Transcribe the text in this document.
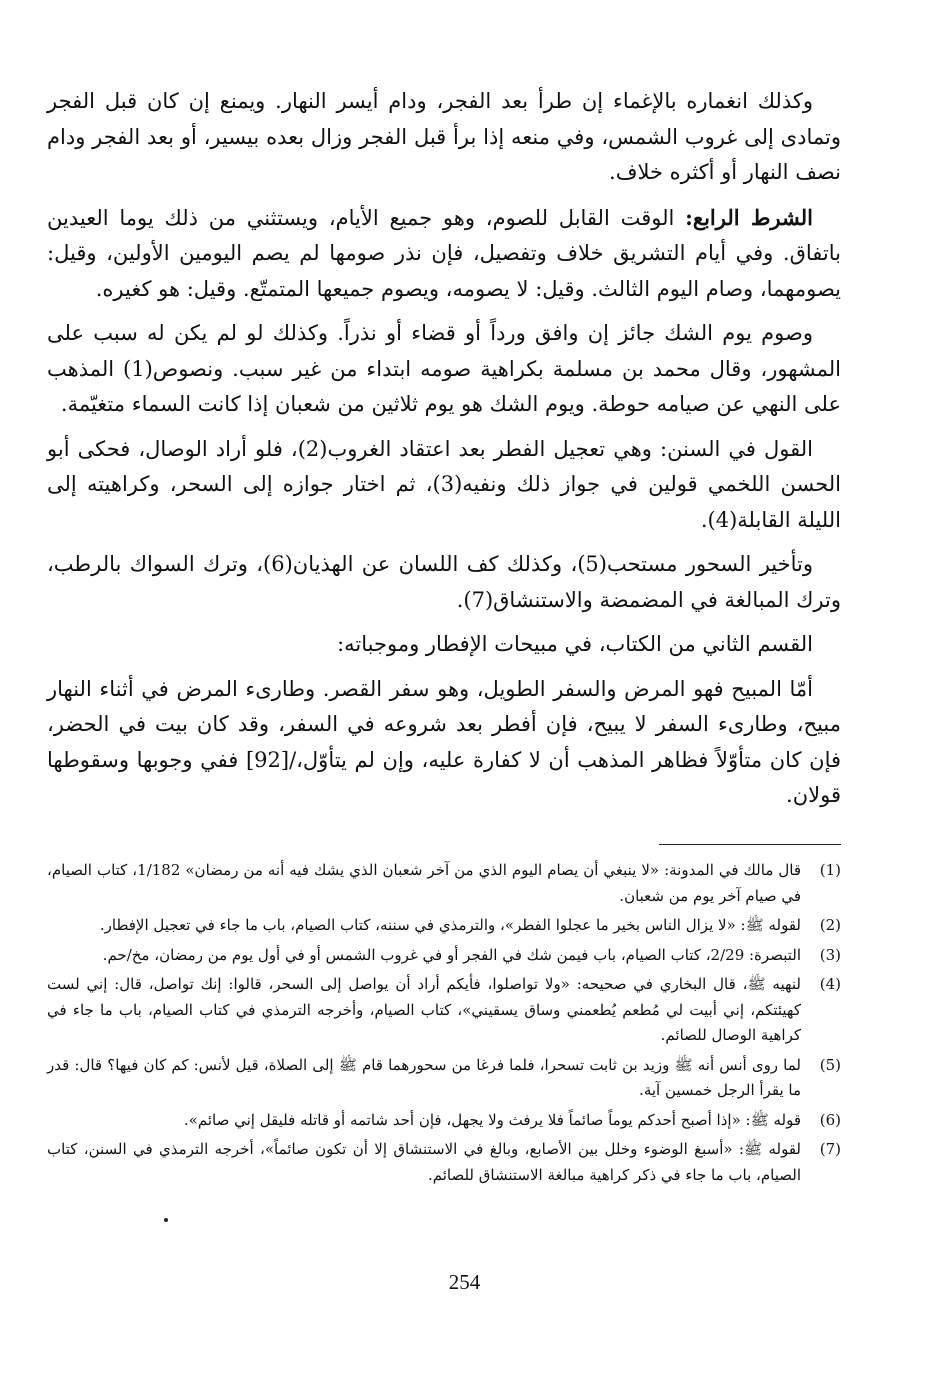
وكذلك انغماره بالإغماء إن طرأ بعد الفجر، ودام أيسر النهار. ويمنع إن كان قبل الفجر وتمادى إلى غروب الشمس، وفي منعه إذا برأ قبل الفجر وزال بعده بيسير، أو بعد الفجر ودام نصف النهار أو أكثره خلاف.

الشرط الرابع: الوقت القابل للصوم، وهو جميع الأيام، ويستثني من ذلك يوما العيدين باتفاق. وفي أيام التشريق خلاف وتفصيل، فإن نذر صومها لم يصم اليومين الأولين، وقيل: يصومهما، وصام اليوم الثالث. وقيل: لا يصومه، ويصوم جميعها المتمتّع. وقيل: هو كغيره.

وصوم يوم الشك جائز إن وافق ورداً أو قضاء أو نذراً. وكذلك لو لم يكن له سبب على المشهور، وقال محمد بن مسلمة بكراهية صومه ابتداء من غير سبب. ونصوص(1) المذهب على النهي عن صيامه حوطة. ويوم الشك هو يوم ثلاثين من شعبان إذا كانت السماء متغيّمة.

القول في السنن: وهي تعجيل الفطر بعد اعتقاد الغروب(2)، فلو أراد الوصال، فحكى أبو الحسن اللخمي قولين في جواز ذلك ونفيه(3)، ثم اختار جوازه إلى السحر، وكراهيته إلى الليلة القابلة(4).

وتأخير السحور مستحب(5)، وكذلك كف اللسان عن الهذيان(6)، وترك السواك بالرطب، وترك المبالغة في المضمضة والاستنشاق(7).

القسم الثاني من الكتاب، في مبيحات الإفطار وموجباته:

أمّا المبيح فهو المرض والسفر الطويل، وهو سفر القصر. وطارىء المرض في أثناء النهار مبيح، وطارىء السفر لا يبيح، فإن أفطر بعد شروعه في السفر، وقد كان بيت في الحضر، فإن كان متأوّلاً فظاهر المذهب أن لا كفارة عليه، وإن لم يتأوّل،/[92] ففي وجوبها وسقوطها قولان.

(1)
قال مالك في المدونة: «لا ينبغي أن يصام اليوم الذي من آخر شعبان الذي يشك فيه أنه من رمضان» 1/182، كتاب الصيام، في صيام آخر يوم من شعبان.
(2)
لقوله ﷺ: «لا يزال الناس بخير ما عجلوا الفطر»، والترمذي في سننه، كتاب الصيام، باب ما جاء في تعجيل الإفطار.
(3)
التبصرة: 2/29، كتاب الصيام، باب فيمن شك في الفجر أو في غروب الشمس أو في أول يوم من رمضان، مخ/حم.
(4)
لنهيه ﷺ، قال البخاري في صحيحه: «ولا تواصلوا، فأيكم أراد أن يواصل إلى السحر، قالوا: إنك تواصل، قال: إني لست كهيئتكم، إني أبيت لي مُطعم يُطعمني وساق يسقيني»، كتاب الصيام، وأخرجه الترمذي في كتاب الصيام، باب ما جاء في كراهية الوصال للصائم.
(5)
لما روى أنس أنه ﷺ وزيد بن ثابت تسحرا، فلما فرغا من سحورهما قام ﷺ إلى الصلاة، قيل لأنس: كم كان فيها؟ قال: قدر ما يقرأ الرجل خمسين آية.
(6)
قوله ﷺ: «إذا أصبح أحدكم يوماً صائماً فلا يرفث ولا يجهل، فإن أحد شاتمه أو قاتله فليقل إني صائم».
(7)
لقوله ﷺ: «أسبغ الوضوء وخلل بين الأصابع، وبالغ في الاستنشاق إلا أن تكون صائماً»، أخرجه الترمذي في السنن، كتاب الصيام، باب ما جاء في ذكر كراهية مبالغة الاستنشاق للصائم.
254
